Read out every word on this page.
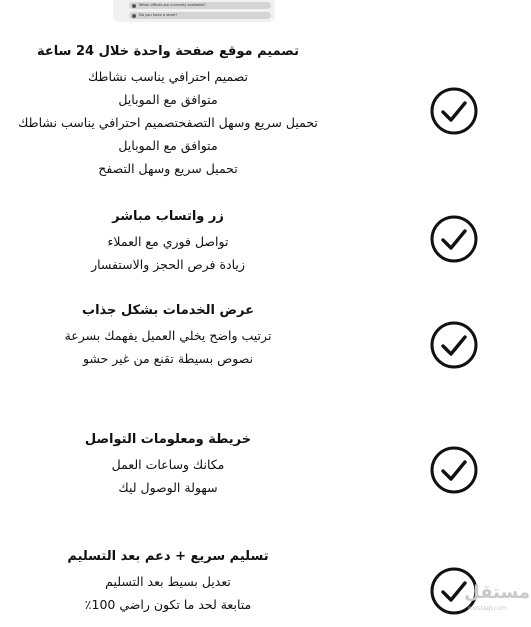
When offices are currently available?
Do you have a store?
تصميم موقع صفحة واحدة خلال 24 ساعة
تصميم احترافي يناسب نشاطك
متوافق مع الموبايل
تحميل سريع وسهل التصفحتصميم احترافي يناسب نشاطك
متوافق مع الموبايل
تحميل سريع وسهل التصفح
زر واتساب مباشر
تواصل فوري مع العملاء
زيادة فرص الحجز والاستفسار
عرض الخدمات بشكل جذاب
ترتيب واضح يخلي العميل يفهمك بسرعة
نصوص بسيطة تقنع من غير حشو
خريطة ومعلومات التواصل
مكانك وساعات العمل
سهولة الوصول ليك
تسليم سريع + دعم بعد التسليم
تعديل بسيط بعد التسليم
متابعة لحد ما تكون راضي 100٪
مستقل
mostaql.com
